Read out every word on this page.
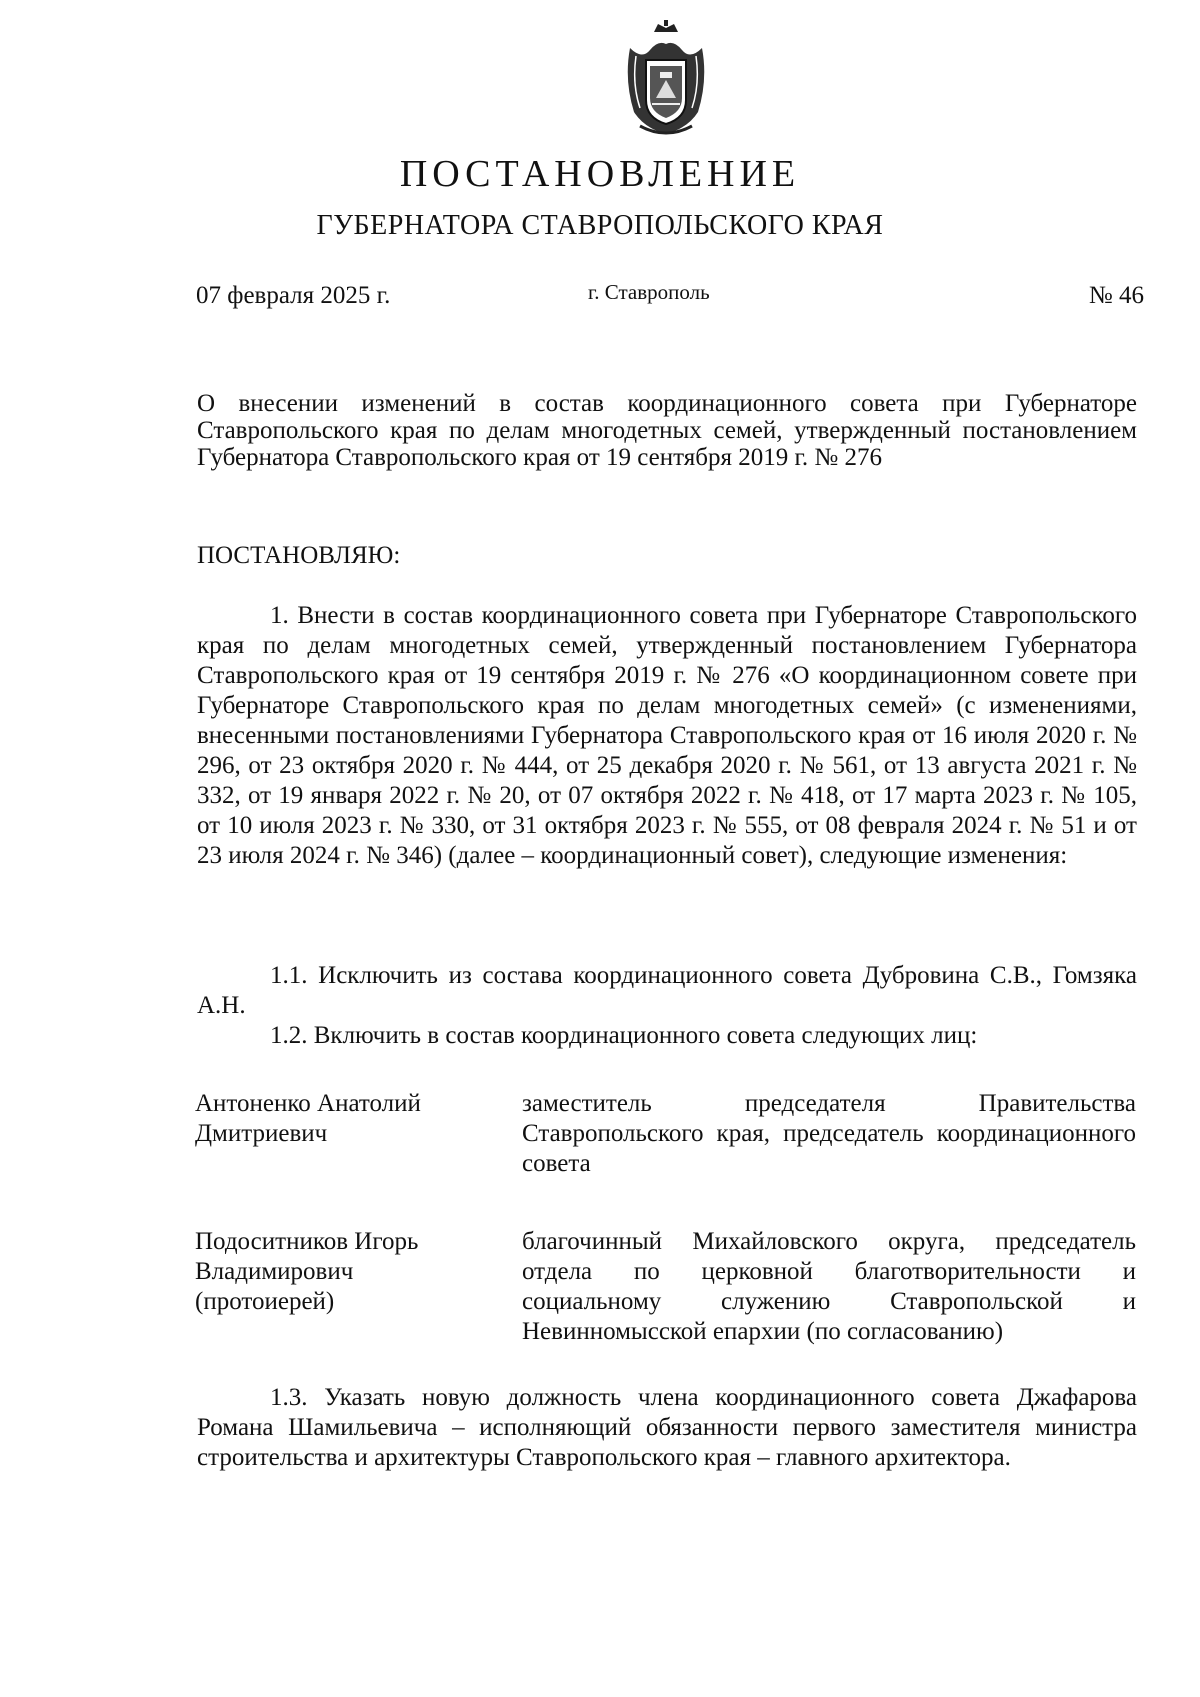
ПОСТАНОВЛЕНИЕ
ГУБЕРНАТОРА СТАВРОПОЛЬСКОГО КРАЯ
07 февраля 2025 г.	г. Ставрополь	№ 46
О внесении изменений в состав координационного совета при Губернаторе Ставропольского края по делам многодетных семей, утвержденный постановлением Губернатора Ставропольского края от 19 сентября 2019 г. № 276
ПОСТАНОВЛЯЮ:
1. Внести в состав координационного совета при Губернаторе Ставропольского края по делам многодетных семей, утвержденный постановлением Губернатора Ставропольского края от 19 сентября 2019 г. № 276 «О координационном совете при Губернаторе Ставропольского края по делам многодетных семей» (с изменениями, внесенными постановлениями Губернатора Ставропольского края от 16 июля 2020 г. № 296, от 23 октября 2020 г. № 444, от 25 декабря 2020 г. № 561, от 13 августа 2021 г. № 332, от 19 января 2022 г. № 20, от 07 октября 2022 г. № 418, от 17 марта 2023 г. № 105, от 10 июля 2023 г. № 330, от 31 октября 2023 г. № 555, от 08 февраля 2024 г. № 51 и от 23 июля 2024 г. № 346) (далее – координационный совет), следующие изменения:
1.1. Исключить из состава координационного совета Дубровина С.В., Гомзяка А.Н.
1.2. Включить в состав координационного совета следующих лиц:
Антоненко Анатолий Дмитриевич
заместитель председателя Правительства Ставропольского края, председатель координационного совета
Подоситников Игорь Владимирович (протоиерей)
благочинный Михайловского округа, председатель отдела по церковной благотворительности и социальному служению Ставропольской и Невинномысской епархии (по согласованию)
1.3. Указать новую должность члена координационного совета Джафарова Романа Шамильевича – исполняющий обязанности первого заместителя министра строительства и архитектуры Ставропольского края – главного архитектора.
